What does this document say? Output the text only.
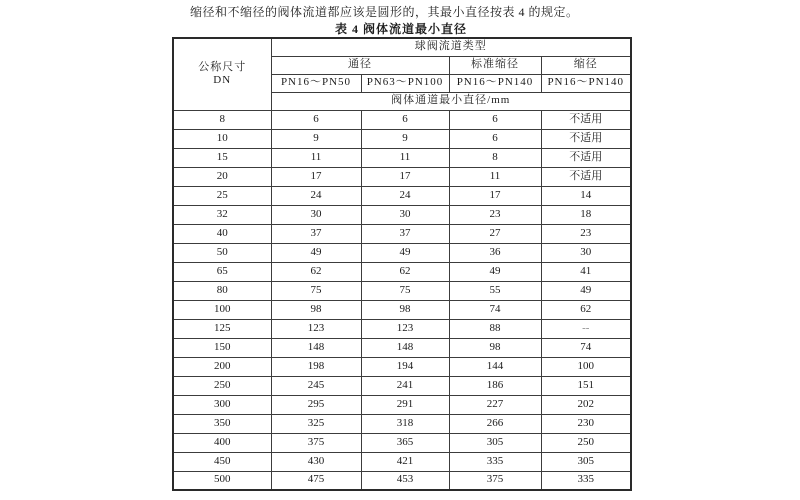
缩径和不缩径的阀体流道都应该是圆形的，其最小直径按表 4 的规定。

表 4 阀体流道最小直径
公称尺寸
DN	球阀流道类型			
	通径		标准缩径	缩径
	PN16～PN50	PN63～PN100	PN16～PN140	PN16～PN140
	阀体通道最小直径/mm			
8	6	6	6	不适用
10	9	9	6	不适用
15	11	11	8	不适用
20	17	17	11	不适用
25	24	24	17	14
32	30	30	23	18
40	37	37	27	23
50	49	49	36	30
65	62	62	49	41
80	75	75	55	49
100	98	98	74	62
125	123	123	88	--
150	148	148	98	74
200	198	194	144	100
250	245	241	186	151
300	295	291	227	202
350	325	318	266	230
400	375	365	305	250
450	430	421	335	305
500	475	453	375	335
